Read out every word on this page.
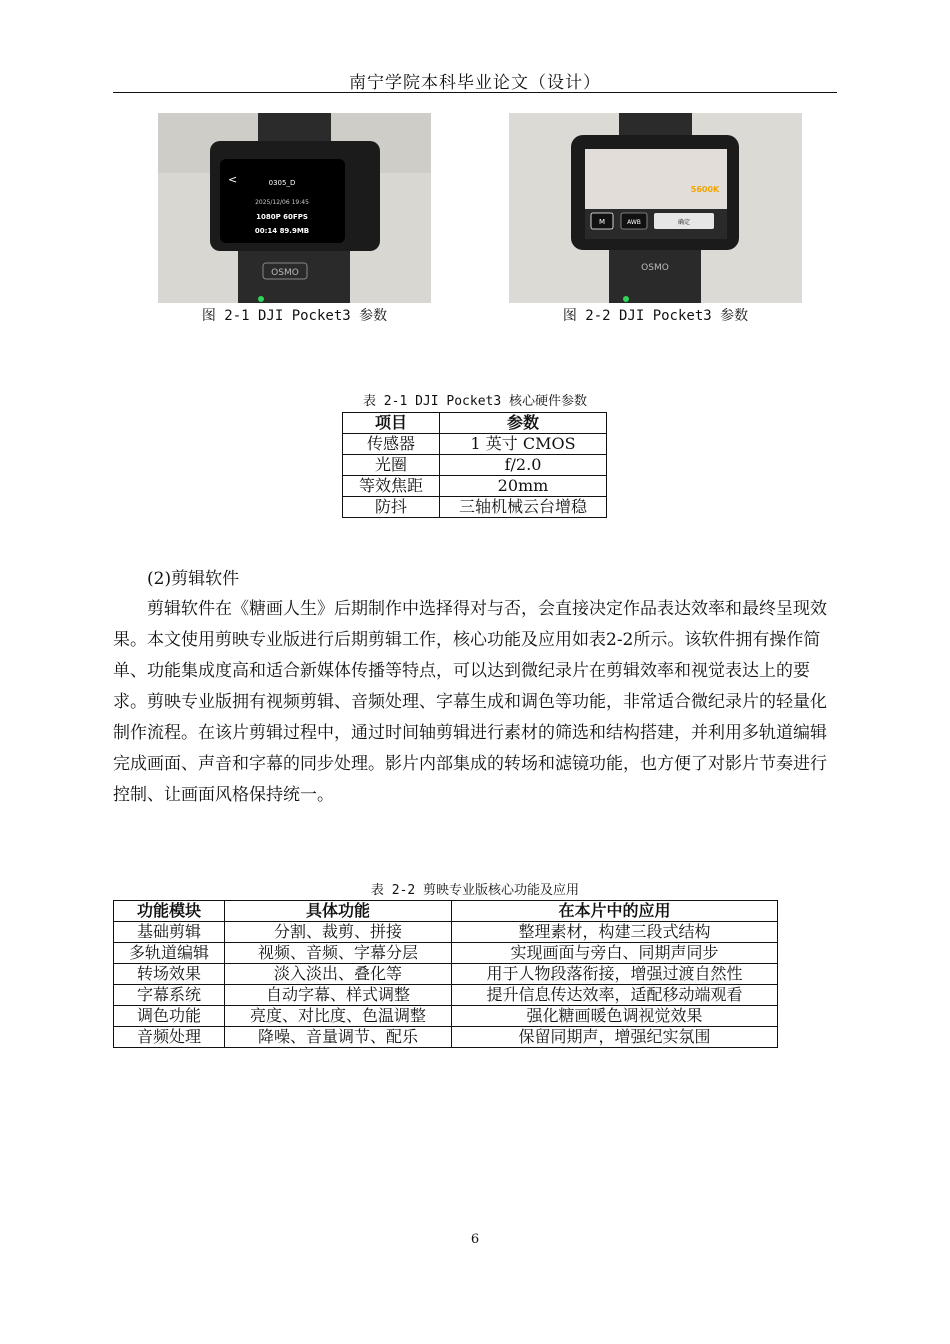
南宁学院本科毕业论文（设计）
OSMO
<	0305_D
2025/12/06 19:45
1080P 60FPS
00:14 89.9MB
图 2-1 DJI Pocket3 参数
M	AWB	确定
5600K
OSMO
图 2-2 DJI Pocket3 参数
表 2-1 DJI Pocket3 核心硬件参数
项目	参数
传感器	1 英寸 CMOS
光圈	f/2.0
等效焦距	20mm
防抖	三轴机械云台增稳
(2)剪辑软件
剪辑软件在《糖画人生》后期制作中选择得对与否，会直接决定作品表达效率和最终呈现效果。本文使用剪映专业版进行后期剪辑工作，核心功能及应用如表2-2所示。该软件拥有操作简单、功能集成度高和适合新媒体传播等特点，可以达到微纪录片在剪辑效率和视觉表达上的要求。剪映专业版拥有视频剪辑、音频处理、字幕生成和调色等功能，非常适合微纪录片的轻量化制作流程。在该片剪辑过程中，通过时间轴剪辑进行素材的筛选和结构搭建，并利用多轨道编辑完成画面、声音和字幕的同步处理。影片内部集成的转场和滤镜功能，也方便了对影片节奏进行控制、让画面风格保持统一。
表 2-2 剪映专业版核心功能及应用
功能模块	具体功能	在本片中的应用
基础剪辑	分割、裁剪、拼接	整理素材，构建三段式结构
多轨道编辑	视频、音频、字幕分层	实现画面与旁白、同期声同步
转场效果	淡入淡出、叠化等	用于人物段落衔接，增强过渡自然性
字幕系统	自动字幕、样式调整	提升信息传达效率，适配移动端观看
调色功能	亮度、对比度、色温调整	强化糖画暖色调视觉效果
音频处理	降噪、音量调节、配乐	保留同期声，增强纪实氛围
6
